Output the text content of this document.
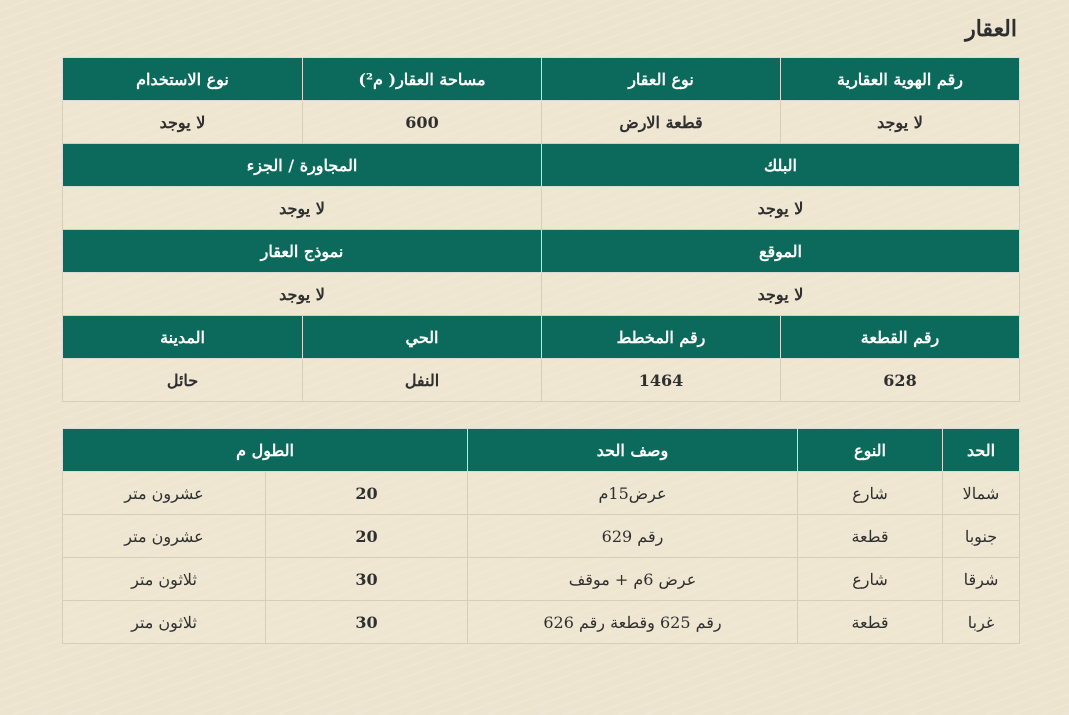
العقار
رقم الهوية العقارية	نوع العقار	مساحة العقار( م²)	نوع الاستخدام
لا يوجد	قطعة الارض	600	لا يوجد
البلك		المجاورة / الجزء	
لا يوجد		لا يوجد	
الموقع		نموذج العقار	
لا يوجد		لا يوجد	
رقم القطعة	رقم المخطط	الحي	المدينة
628	1464	النفل	حائل
الحد	النوع	وصف الحد	الطول م	
شمالا	شارع	عرض15م	20	عشرون متر
جنوبا	قطعة	رقم 629	20	عشرون متر
شرقا	شارع	عرض 6م + موقف	30	ثلاثون متر
غربا	قطعة	رقم 625 وقطعة رقم 626	30	ثلاثون متر
